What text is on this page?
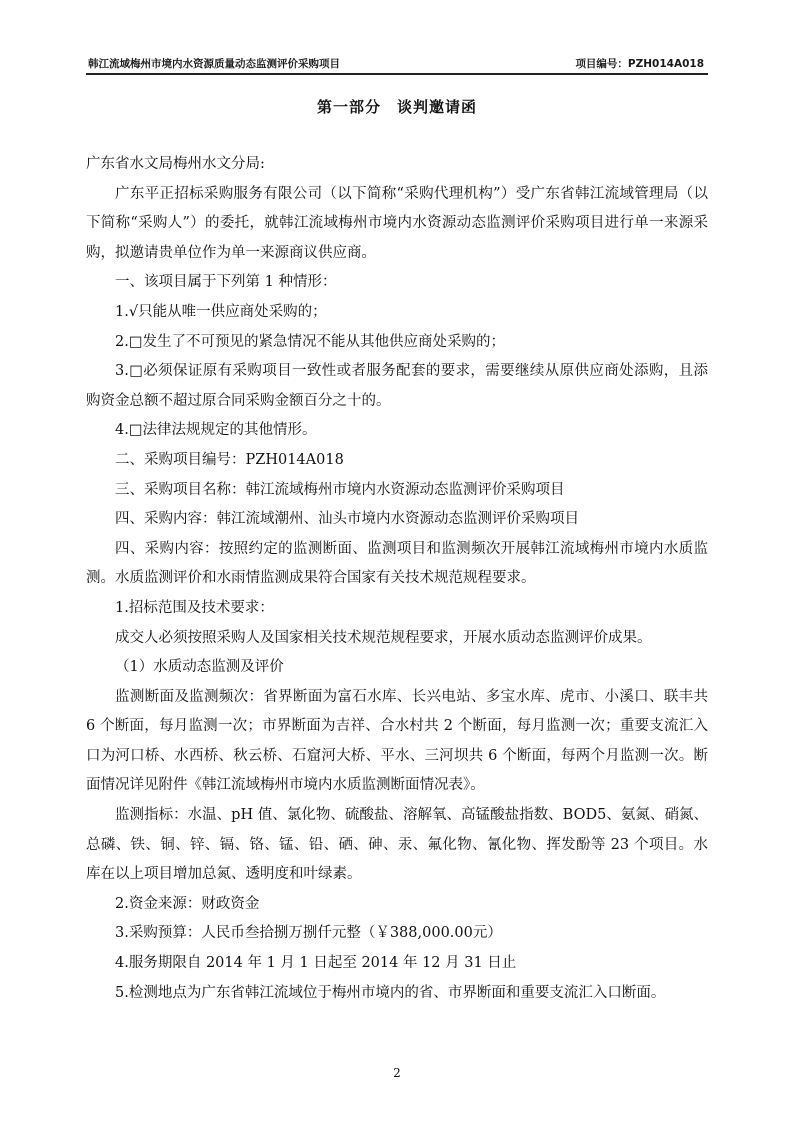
韩江流域梅州市境内水资源质量动态监测评价采购项目	项目编号：PZH014A018
第一部分　谈判邀请函

广东省水文局梅州水文分局:

广东平正招标采购服务有限公司（以下简称“采购代理机构”）受广东省韩江流域管理局（以下简称“采购人”）的委托，就韩江流域梅州市境内水资源动态监测评价采购项目进行单一来源采购，拟邀请贵单位作为单一来源商议供应商。

一、该项目属于下列第 1 种情形：

1.√只能从唯一供应商处采购的；

2.□发生了不可预见的紧急情况不能从其他供应商处采购的；

3.□必须保证原有采购项目一致性或者服务配套的要求，需要继续从原供应商处添购，且添购资金总额不超过原合同采购金额百分之十的。

4.□法律法规规定的其他情形。

二、采购项目编号：PZH014A018

三、采购项目名称：韩江流域梅州市境内水资源动态监测评价采购项目

四、采购内容：韩江流域潮州、汕头市境内水资源动态监测评价采购项目

四、采购内容：按照约定的监测断面、监测项目和监测频次开展韩江流域梅州市境内水质监测。水质监测评价和水雨情监测成果符合国家有关技术规范规程要求。

1.招标范围及技术要求：

成交人必须按照采购人及国家相关技术规范规程要求，开展水质动态监测评价成果。

（1）水质动态监测及评价

监测断面及监测频次：省界断面为富石水库、长兴电站、多宝水库、虎市、小溪口、联丰共 6 个断面，每月监测一次；市界断面为吉祥、合水村共 2 个断面，每月监测一次；重要支流汇入口为河口桥、水西桥、秋云桥、石窟河大桥、平水、三河坝共 6 个断面，每两个月监测一次。断面情况详见附件《韩江流域梅州市境内水质监测断面情况表》。

监测指标：水温、pH 值、氯化物、硫酸盐、溶解氧、高锰酸盐指数、BOD5、氨氮、硝氮、总磷、铁、铜、锌、镉、铬、锰、铅、硒、砷、汞、氟化物、氰化物、挥发酚等 23 个项目。水库在以上项目增加总氮、透明度和叶绿素。

2.资金来源：财政资金

3.采购预算：人民币叁拾捌万捌仟元整（￥388,000.00元）

4.服务期限自 2014 年 1 月 1 日起至 2014 年 12 月 31 日止

5.检测地点为广东省韩江流域位于梅州市境内的省、市界断面和重要支流汇入口断面。

2
